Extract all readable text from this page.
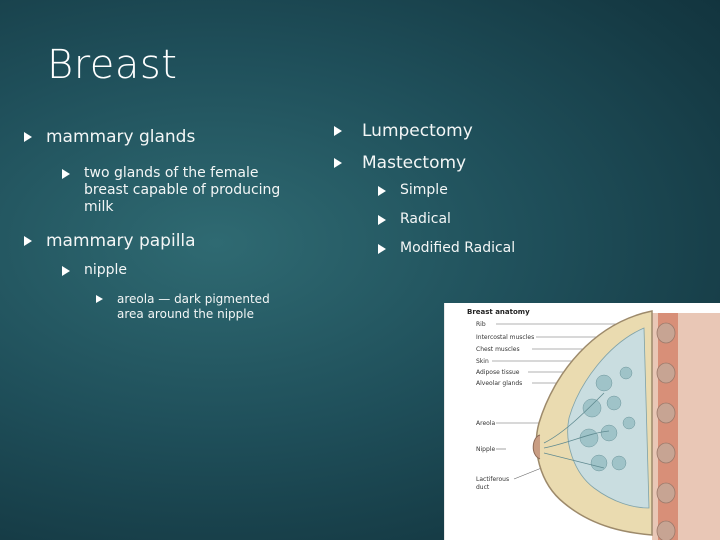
Breast
mammary glands
two glands of the female breast capable of producing milk
mammary papilla
nipple
areola — dark pigmented area around the nipple
Lumpectomy
Mastectomy
Simple
Radical
Modified Radical
Breast anatomy
Rib
Intercostal muscles
Chest muscles
Skin
Adipose tissue
Alveolar glands
Areola
Nipple
Lactiferous duct
